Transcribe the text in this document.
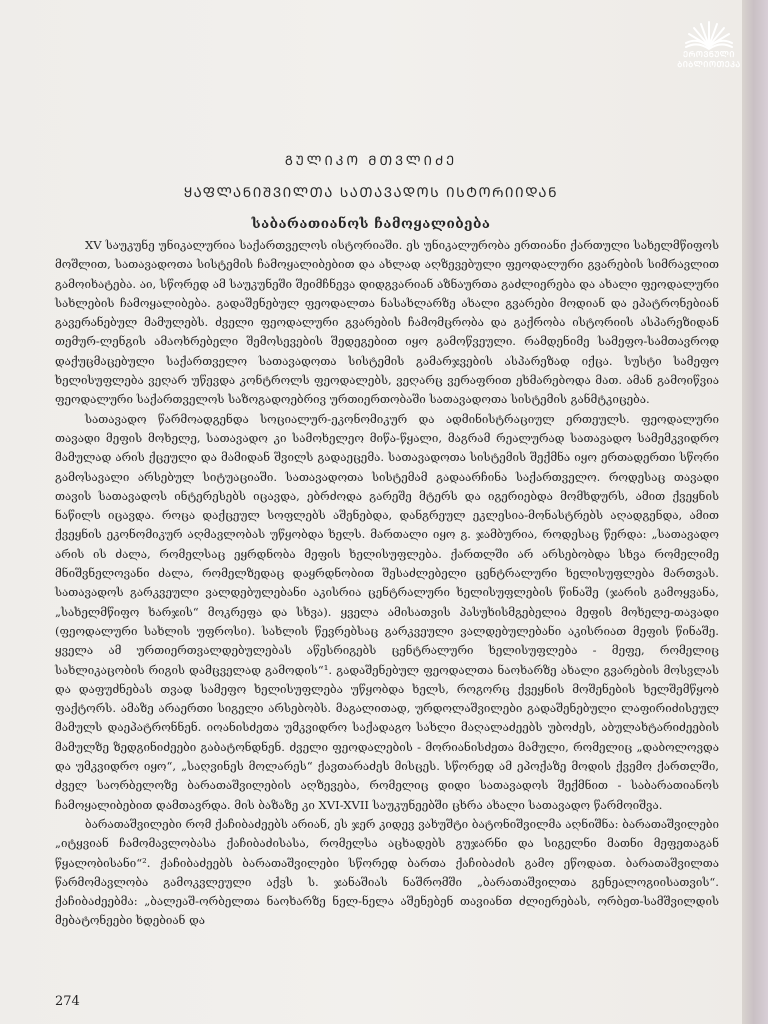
ᲔᲠᲝᲕᲜᲣᲚᲘ
ᲑᲘᲑᲚᲘᲝᲗᲔᲙᲐ
ᲒᲣᲚᲘᲙᲝ ᲛᲗᲕᲚᲘᲫᲔ
ᲧᲐᲤᲚᲐᲜᲘᲨᲕᲘᲚᲗᲐ ᲡᲐᲗᲐᲕᲐᲓᲝᲡ ᲘᲡᲢᲝᲠᲘᲘᲓᲐᲜ
საბარათიანოს ჩამოყალიბება

XV საუკუნე უნიკალურია საქართველოს ისტორიაში. ეს უნიკალურობა ერთიანი ქართული სახელმწიფოს მოშლით, სათავადოთა სისტემის ჩამოყალიბებით და ახლად აღზევებული ფეოდალური გვარების სიმრავლით გამოიხატება. აი, სწორედ ამ საუკუნეში შეიმჩნევა დიდგვარიან აზნაურთა გაძლიერება და ახალი ფეოდალური სახლების ჩამოყალიბება. გადაშენებულ ფეოდალთა ნასახლარზე ახალი გვარები მოდიან და ეპატრონებიან გავერანებულ მამულებს. ძველი ფეოდალური გვარების ჩამომცრობა და გაქრობა ისტორიის ასპარეზიდან თემურ-ლენგის ამაოხრებელი შემოსევების შედეგებით იყო გამოწვეული. რამდენიმე სამეფო-სამთავროდ დაქუცმაცებული საქართველო სათავადოთა სისტემის გამარჯვების ასპარეზად იქცა. სუსტი სამეფო ხელისუფლება ვეღარ უწევდა კონტროლს ფეოდალებს, ვეღარც ვერაფრით ეხმარებოდა მათ. ამან გამოიწვია ფეოდალური საქართველოს საზოგადოებრივ ურთიერთობაში სათავადოთა სისტემის განმტკიცება.

სათავადო წარმოადგენდა სოციალურ-ეკონომიკურ და ადმინისტრაციულ ერთეულს. ფეოდალური თავადი მეფის მოხელე, სათავადო კი სამოხელეო მიწა-წყალი, მაგრამ რეალურად სათავადო სამემკვიდრო მამულად არის ქცეული და მამიდან შვილს გადაეცემა. სათავადოთა სისტემის შექმნა იყო ერთადერთი სწორი გამოსავალი არსებულ სიტუაციაში. სათავადოთა სისტემამ გადაარჩინა საქართველო. როდესაც თავადი თავის სათავადოს ინტერესებს იცავდა, ებრძოდა გარეშე მტერს და იგერიებდა მომხდურს, ამით ქვეყნის ნაწილს იცავდა. როცა დაქცეულ სოფლებს აშენებდა, დანგრეულ ეკლესია-მონასტრებს აღადგენდა, ამით ქვეყნის ეკონომიკურ აღმავლობას უწყობდა ხელს. მართალი იყო გ. ჯამბურია, როდესაც წერდა: „სათავადო არის ის ძალა, რომელსაც ეყრდნობა მეფის ხელისუფლება. ქართლში არ არსებობდა სხვა რომელიმე მნიშვნელოვანი ძალა, რომელზედაც დაყრდნობით შესაძლებელი ცენტრალური ხელისუფლება მართვას. სათავადოს გარკვეული ვალდებულებანი აკისრია ცენტრალური ხელისუფლების წინაშე (ჯარის გამოყვანა, „სახელმწიფო ხარჯის“ მოკრეფა და სხვა). ყველა ამისათვის პასუხისმგებელია მეფის მოხელე-თავადი (ფეოდალური სახლის უფროსი). სახლის წევრებსაც გარკვეული ვალდებულებანი აკისრიათ მეფის წინაშე. ყველა ამ ურთიერთვალდებულებას აწესრიგებს ცენტრალური ხელისუფლება - მეფე, რომელიც სახლიკაცობის რიგის დამცველად გამოდის“¹. გადაშენებულ ფეოდალთა ნაოხარზე ახალი გვარების მოსვლას და დაფუძნებას თვად სამეფო ხელისუფლება უწყობდა ხელს, როგორც ქვეყნის მოშენების ხელშემწყობ ფაქტორს. ამაზე არაერთი სიგელი არსებობს. მაგალითად, ურდოლაშვილები გადაშენებული ლაფირიძისეულ მამულს დაეპატრონნენ. იოანისძეთა უმკვიდრო საქადაგო სახლი მაღალაძეებს უბოძეს, აბულახტარიძეების მამულზე ზედგინიძეები გაბატონდნენ. ძველი ფეოდალების - მორიანისძეთა მამული, რომელიც „დაბოლოვდა და უმკვიდრო იყო“, „საღვინეს მოლარეს“ ქავთარაძეს მისცეს. სწორედ ამ ეპოქაზე მოდის ქვემო ქართლში, ძველ საორბელოზე ბარათაშვილების აღზევება, რომელიც დიდი სათავადოს შექმნით - საბარათიანოს ჩამოყალიბებით დამთავრდა. მის ბაზაზე კი XVI-XVII საუკუნეებში ცხრა ახალი სათავადო წარმოიშვა.

ბარათაშვილები რომ ქაჩიბაძეებს არიან, ეს ჯერ კიდევ ვახუშტი ბატონიშვილმა აღნიშნა: ბარათაშვილები „იტყვიან ჩამომავლობასა ქაჩიბაძისასა, რომელსა აცხადებს გუჯარნი და სიგელნი მათნი მეფეთაგან წყალობისანი“². ქაჩიბაძეებს ბარათაშვილები სწორედ ბართა ქაჩიბაძის გამო ეწოდათ. ბარათაშვილთა წარმომავლობა გამოკვლეული აქვს ს. ჯანაშიას ნაშრომში „ბარათაშვილთა გენეალოგიისათვის“. ქაჩიბაძეებმა: „ბალეაშ-ორბელთა ნაოხარზე ნელ-ნელა აშენებენ თავიანთ ძლიერებას, ორბეთ-სამშვილდის მებატონეები ხდებიან და

274
